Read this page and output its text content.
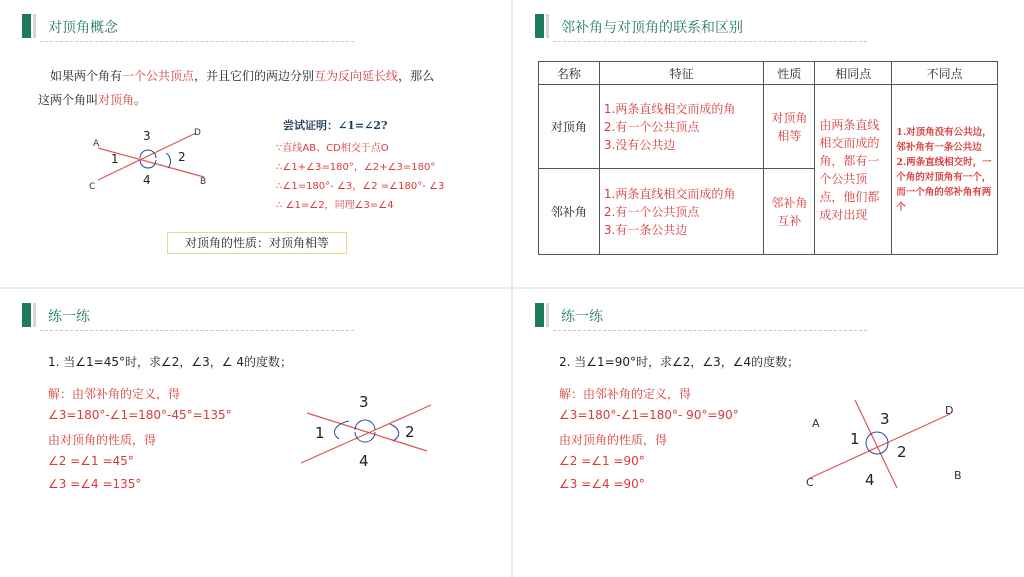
对顶角概念
如果两个角有一个公共顶点，并且它们的两边分别互为反向延长线，那么
这两个角叫对顶角。
A
D
C	B
3
1	2
4
尝试证明：∠1=∠2?
∵直线AB、CD相交于点O
∴∠1+∠3=180°，∠2+∠3=180°
∴∠1=180°- ∠3，∠2 =∠180°- ∠3
∴ ∠1=∠2，同理∠3=∠4
对顶角的性质：对顶角相等
邻补角与对顶角的联系和区别
名称	特征	性质	相同点	不同点
对顶角	1.两条直线相交而成的角
2.有一个公共顶点
3.没有公共边	对顶角相等	由两条直线相交而成的角，都有一个公共顶点，他们都成对出现	1.对顶角没有公共边，邻补角有一条公共边 2.两条直线相交时，一个角的对顶角有一个，而一个角的邻补角有两个
邻补角	1.两条直线相交而成的角
2.有一个公共顶点
3.有一条公共边	邻补角互补		
练一练
1. 当∠1=45°时，求∠2，∠3，∠ 4的度数；
解：由邻补角的定义，得
∠3=180°-∠1=180°-45°=135°
由对顶角的性质，得
∠2 =∠1 =45°
∠3 =∠4 =135°
3
1	2
4
练一练
2. 当∠1=90°时，求∠2，∠3，∠4的度数；
解：由邻补角的定义，得
∠3=180°-∠1=180°- 90°=90°
由对顶角的性质，得
∠2 =∠1 =90°
∠3 =∠4 =90°
A
D
C
B
3
1
2
4
